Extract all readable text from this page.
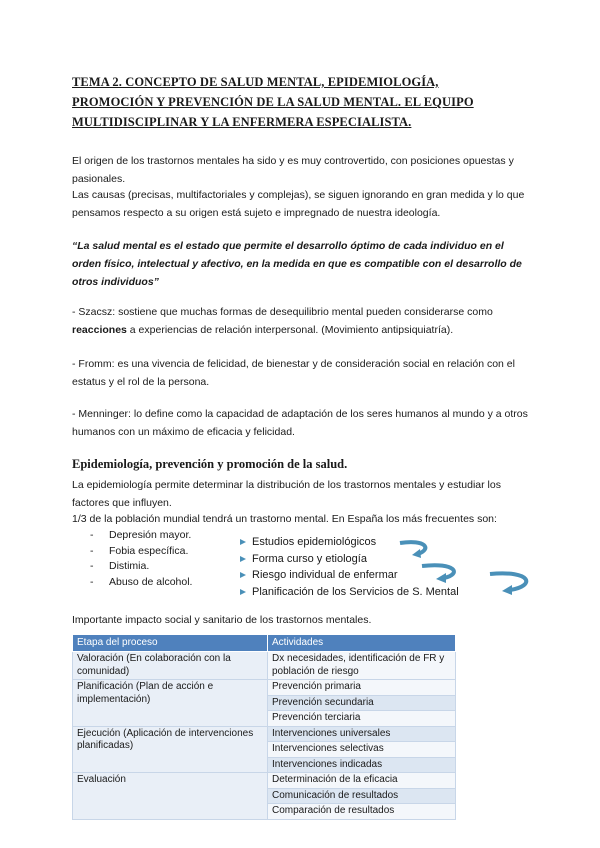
TEMA 2. CONCEPTO DE SALUD MENTAL, EPIDEMIOLOGÍA, PROMOCIÓN Y PREVENCIÓN DE LA SALUD MENTAL. EL EQUIPO MULTIDISCIPLINAR Y LA ENFERMERA ESPECIALISTA.
El origen de los trastornos mentales ha sido y es muy controvertido, con posiciones opuestas y pasionales.
Las causas (precisas, multifactoriales y complejas), se siguen ignorando en gran medida y lo que pensamos respecto a su origen está sujeto e impregnado de nuestra ideología.
“La salud mental es el estado que permite el desarrollo óptimo de cada individuo en el orden físico, intelectual y afectivo, en la medida en que es compatible con el desarrollo de otros individuos”
- Szacsz: sostiene que muchas formas de desequilibrio mental pueden considerarse como reacciones a experiencias de relación interpersonal. (Movimiento antipsiquiatría).
- Fromm: es una vivencia de felicidad, de bienestar y de consideración social en relación con el estatus y el rol de la persona.
- Menninger: lo define como la capacidad de adaptación de los seres humanos al mundo y a otros humanos con un máximo de eficacia y felicidad.
Epidemiología, prevención y promoción de la salud.
La epidemiología permite determinar la distribución de los trastornos mentales y estudiar los factores que influyen.
1/3 de la población mundial tendrá un trastorno mental. En España los más frecuentes son:
- Depresión mayor.
- Fobia específica.
- Distimia.
- Abuso de alcohol.
Estudios epidemiológicos
Forma curso y etiología
Riesgo individual de enfermar
Planificación de los Servicios de S. Mental
Importante impacto social y sanitario de los trastornos mentales.
Etapa del proceso	Actividades
Valoración (En colaboración con la comunidad)	Dx necesidades, identificación de FR y población de riesgo
Planificación (Plan de acción e implementación)	Prevención primaria
	Prevención secundaria
	Prevención terciaria
Ejecución (Aplicación de intervenciones planificadas)	Intervenciones universales
	Intervenciones selectivas
	Intervenciones indicadas
Evaluación	Determinación de la eficacia
	Comunicación de resultados
	Comparación de resultados
